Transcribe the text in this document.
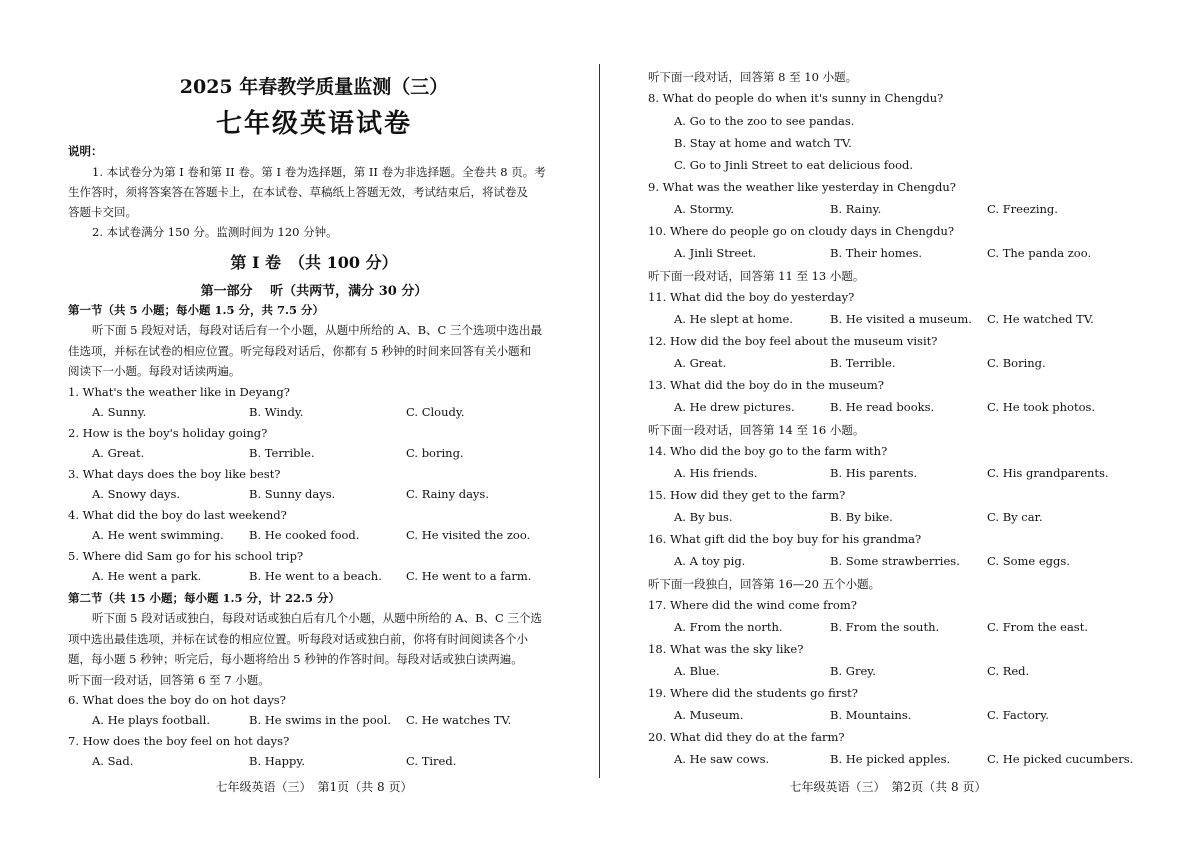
2025 年春教学质量监测（三）
七年级英语试卷
说明：
1. 本试卷分为第 I 卷和第 II 卷。第 I 卷为选择题，第 II 卷为非选择题。全卷共 8 页。考
生作答时，须将答案答在答题卡上，在本试卷、草稿纸上答题无效，考试结束后，将试卷及
答题卡交回。
2. 本试卷满分 150 分。监测时间为 120 分钟。
第 I 卷　（共 100 分）
第一部分　 听（共两节，满分 30 分）
第一节（共 5 小题；每小题 1.5 分，共 7.5 分）
听下面 5 段短对话，每段对话后有一个小题，从题中所给的 A、B、C 三个选项中选出最
佳选项，并标在试卷的相应位置。听完每段对话后，你都有 5 秒钟的时间来回答有关小题和
阅读下一小题。每段对话读两遍。
1. What's the weather like in Deyang?
A. Sunny.	B. Windy.	C. Cloudy.
2. How is the boy's holiday going?
A. Great.	B. Terrible.	C. boring.
3. What days does the boy like best?
A. Snowy days.	B. Sunny days.	C. Rainy days.
4. What did the boy do last weekend?
A. He went swimming. B. He cooked food.	C. He visited the zoo.
5. Where did Sam go for his school trip?
A. He went a park.	B. He went to a beach. C. He went to a farm.
第二节（共 15 小题；每小题 1.5 分，计 22.5 分）
听下面 5 段对话或独白，每段对话或独白后有几个小题，从题中所给的 A、B、C 三个选
项中选出最佳选项，并标在试卷的相应位置。听每段对话或独白前，你将有时间阅读各个小
题，每小题 5 秒钟；听完后，每小题将给出 5 秒钟的作答时间。每段对话或独白读两遍。
听下面一段对话，回答第 6 至 7 小题。
6. What does the boy do on hot days?
A. He plays football.	B. He swims in the pool. C. He watches TV.
7. How does the boy feel on hot days?
A. Sad.	B. Happy.	C. Tired.
七年级英语（三）　第1页（共 8 页）
听下面一段对话，回答第 8 至 10 小题。
8. What do people do when it's sunny in Chengdu?
A. Go to the zoo to see pandas.
B. Stay at home and watch TV.
C. Go to Jinli Street to eat delicious food.
9. What was the weather like yesterday in Chengdu?
A. Stormy.	B. Rainy.	C. Freezing.
10. Where do people go on cloudy days in Chengdu?
A. Jinli Street.	B. Their homes.	C. The panda zoo.
听下面一段对话，回答第 11 至 13 小题。
11. What did the boy do yesterday?
A. He slept at home.	B. He visited a museum. C. He watched TV.
12. How did the boy feel about the museum visit?
A. Great.	B. Terrible.	C. Boring.
13. What did the boy do in the museum?
A. He drew pictures.	B. He read books.	C. He took photos.
听下面一段对话，回答第 14 至 16 小题。
14. Who did the boy go to the farm with?
A. His friends.	B. His parents.	C. His grandparents.
15. How did they get to the farm?
A. By bus.	B. By bike.	C. By car.
16. What gift did the boy buy for his grandma?
A. A toy pig.	B. Some strawberries. C. Some eggs.
听下面一段独白，回答第 16—20 五个小题。
17. Where did the wind come from?
A. From the north.	B. From the south.	C. From the east.
18. What was the sky like?
A. Blue.	B. Grey.	C. Red.
19. Where did the students go first?
A. Museum.	B. Mountains.	C. Factory.
20. What did they do at the farm?
A. He saw cows.	B. He picked apples.	C. He picked cucumbers.
七年级英语（三）　第2页（共 8 页）
